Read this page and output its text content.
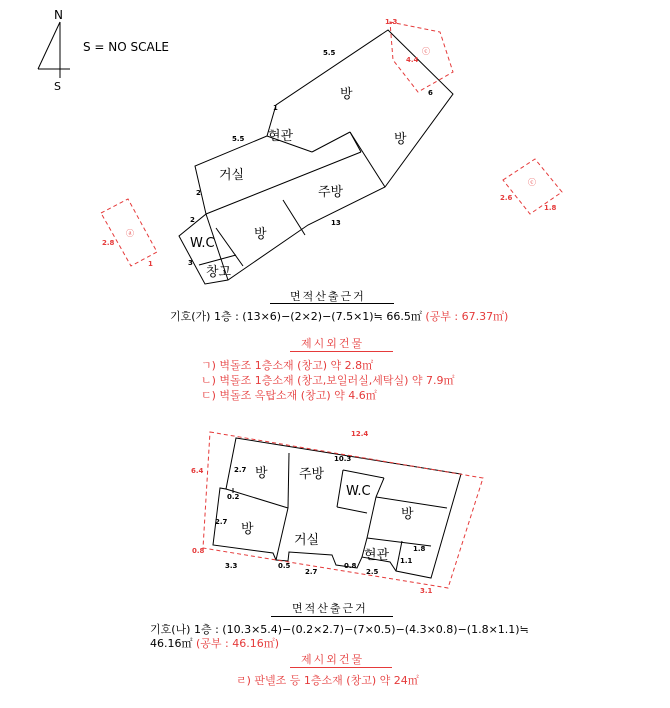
N
S
S = NO SCALE
방
방
현관
거실
주방
W.C
방
창고
5.5
1
6
5.5
2
2	13
3
ⓒ
ⓒ
ⓐ
1.3
4.4
2.6
1.8
2.8
1
방 주방
W.C
방
방
거실
현관
10.3
2.7
0.2
2.7
3.3	0.5
2.7
0.8
2.5
1.8
1.1
12.4
6.4
0.8
3.1
면적산출근거
기호(가) 1층 : (13×6)−(2×2)−(7.5×1)≒ 66.5㎡ (공부 : 67.37㎡)
제시외건물
ㄱ) 벽돌조 1층소재 (창고) 약 2.8㎡
ㄴ) 벽돌조 1층소재 (창고,보일러실,세탁실) 약 7.9㎡
ㄷ) 벽돌조 옥탑소재 (창고) 약 4.6㎡
면적산출근거
기호(나) 1층 : (10.3×5.4)−(0.2×2.7)−(7×0.5)−(4.3×0.8)−(1.8×1.1)≒
46.16㎡ (공부 : 46.16㎡)
제시외건물
ㄹ) 판넬조 등 1층소재 (창고) 약 24㎡
